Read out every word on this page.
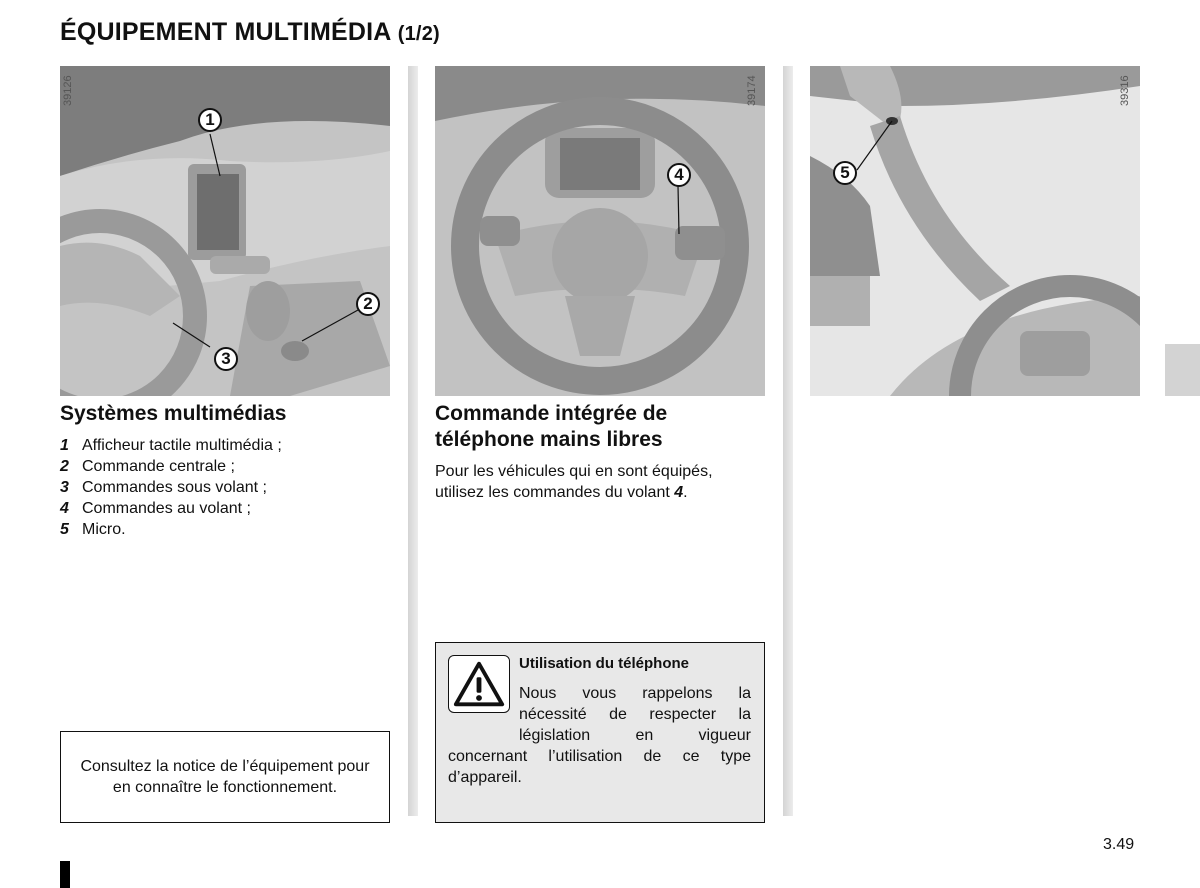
ÉQUIPEMENT MULTIMÉDIA (1/2)
39126
1
2
3
39174
4
39316
5
Systèmes multimédias
1 Afficheur tactile multimédia ;
2 Commande centrale ;
3 Commandes sous volant ;
4 Commandes au volant ;
5 Micro.
Consultez la notice de l’équipement pour en connaître le fonctionnement.
Commande intégrée de
téléphone mains libres
Pour les véhicules qui en sont équipés,
utilisez les commandes du volant 4.
Utilisation du téléphone
Nous vous rappelons la nécessité de respecter la législation en vigueur concernant l’utilisation de ce type d’appareil.
3.49
